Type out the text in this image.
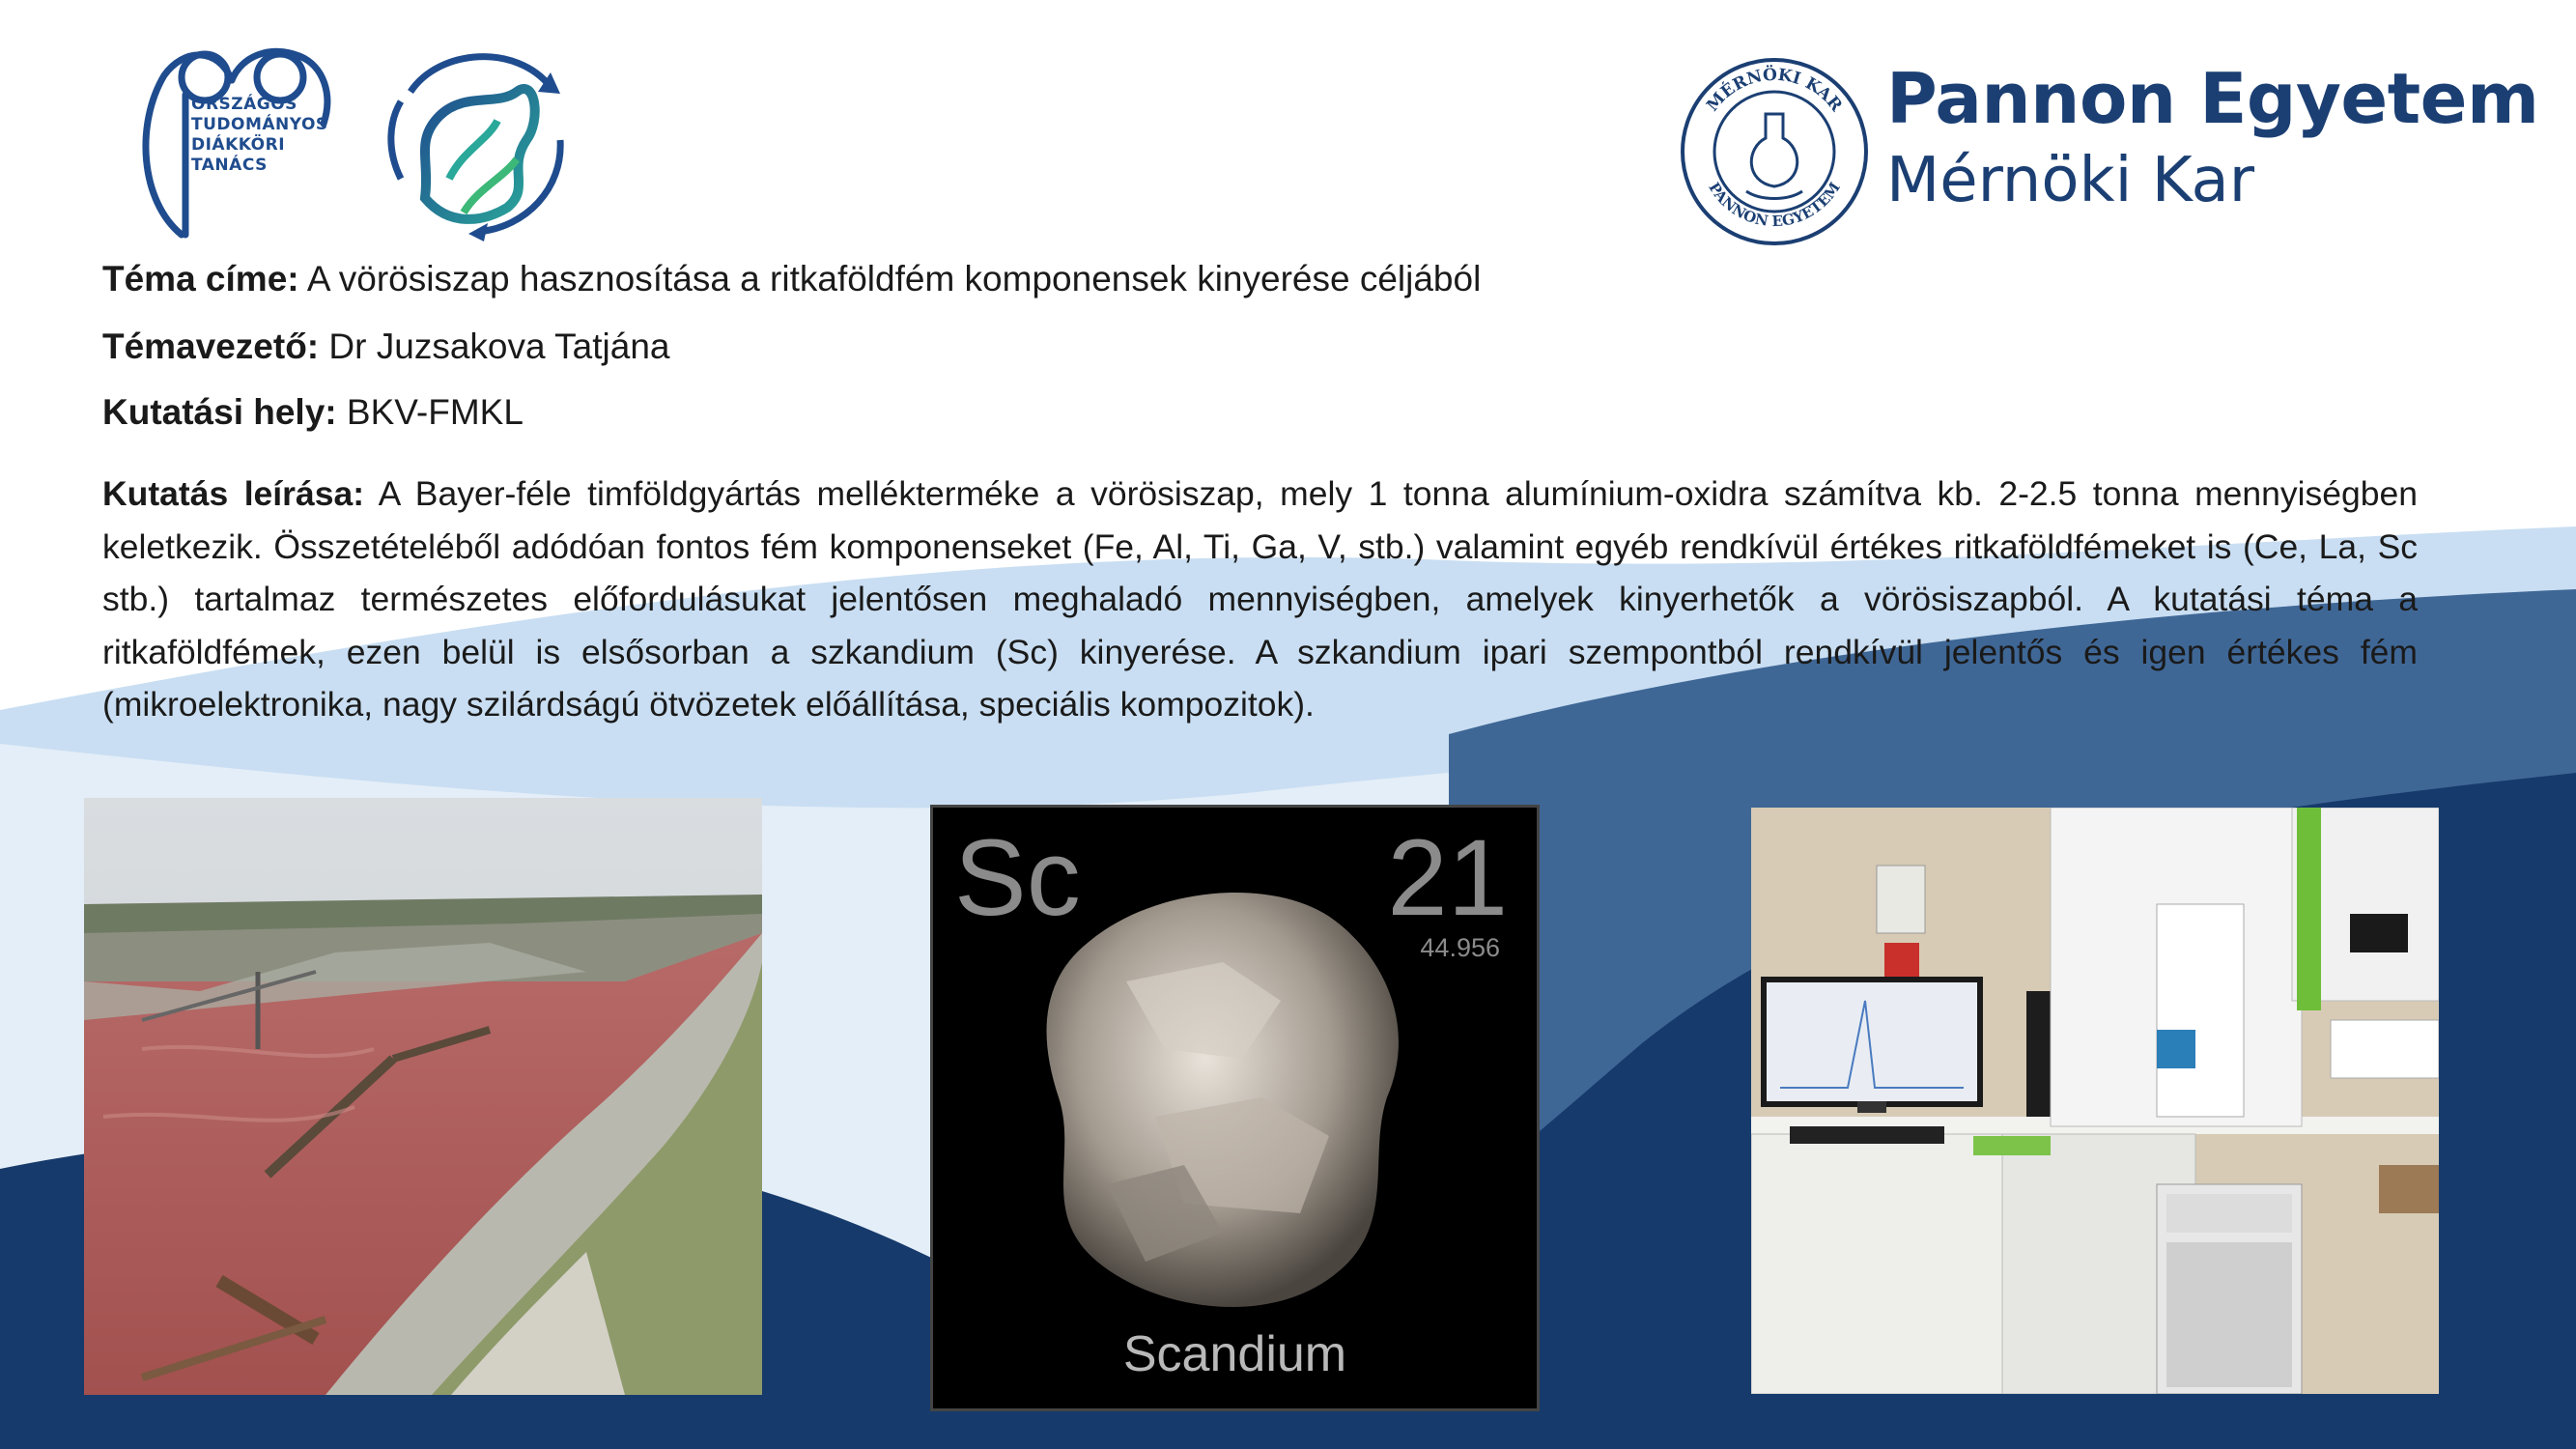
ORSZÁGOS
TUDOMÁNYOS
DIÁKKÖRI
TANÁCS
MÉRNÖKI KAR
PANNON EGYETEM
Pannon Egyetem
Mérnöki Kar
Téma címe: A vörösiszap hasznosítása a ritkaföldfém komponensek kinyerése céljából
Témavezető: Dr Juzsakova Tatjána
Kutatási hely: BKV-FMKL
Kutatás leírása: A Bayer-féle timföldgyártás mellékterméke a vörösiszap, mely 1 tonna alumínium-oxidra számítva kb. 2-2.5 tonna mennyiségben keletkezik. Összetételéből adódóan fontos fém komponenseket (Fe, Al, Ti, Ga, V, stb.) valamint egyéb rendkívül értékes ritkaföldfémeket is (Ce, La, Sc stb.) tartalmaz természetes előfordulásukat jelentősen meghaladó mennyiségben, amelyek kinyerhetők a vörösiszapból. A kutatási téma a ritkaföldfémek, ezen belül is elsősorban a szkandium (Sc) kinyerése. A szkandium ipari szempontból rendkívül jelentős és igen értékes fém (mikroelektronika, nagy szilárdságú ötvözetek előállítása, speciális kompozitok).
Sc	21
44.956
Scandium
